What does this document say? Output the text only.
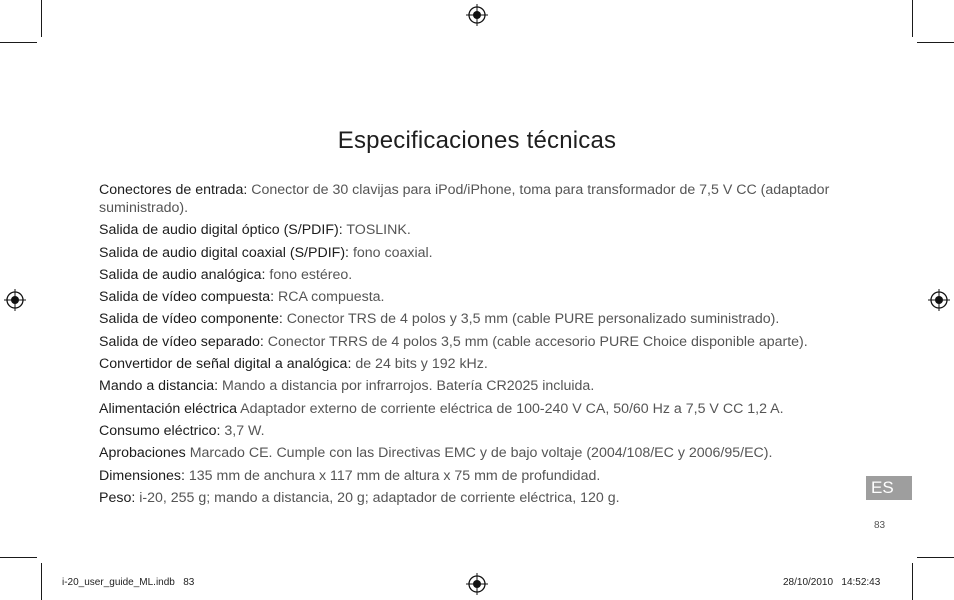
Especificaciones técnicas
Conectores de entrada: Conector de 30 clavijas para iPod/iPhone, toma para transformador de 7,5 V CC (adaptador suministrado).
Salida de audio digital óptico (S/PDIF): TOSLINK.
Salida de audio digital coaxial (S/PDIF): fono coaxial.
Salida de audio analógica: fono estéreo.
Salida de vídeo compuesta: RCA compuesta.
Salida de vídeo componente: Conector TRS de 4 polos y 3,5 mm (cable PURE personalizado suministrado).
Salida de vídeo separado: Conector TRRS de 4 polos 3,5 mm (cable accesorio PURE Choice disponible aparte).
Convertidor de señal digital a analógica: de 24 bits y 192 kHz.
Mando a distancia: Mando a distancia por infrarrojos. Batería CR2025 incluida.
Alimentación eléctrica Adaptador externo de corriente eléctrica de 100-240 V CA, 50/60 Hz a 7,5 V CC 1,2 A.
Consumo eléctrico: 3,7 W.
Aprobaciones Marcado CE. Cumple con las Directivas EMC y de bajo voltaje (2004/108/EC y 2006/95/EC).
Dimensiones: 135 mm de anchura x 117 mm de altura x 75 mm de profundidad.
Peso: i-20, 255 g; mando a distancia, 20 g; adaptador de corriente eléctrica, 120 g.
ES
83
i-20_user_guide_ML.indb   83	28/10/2010   14:52:43
